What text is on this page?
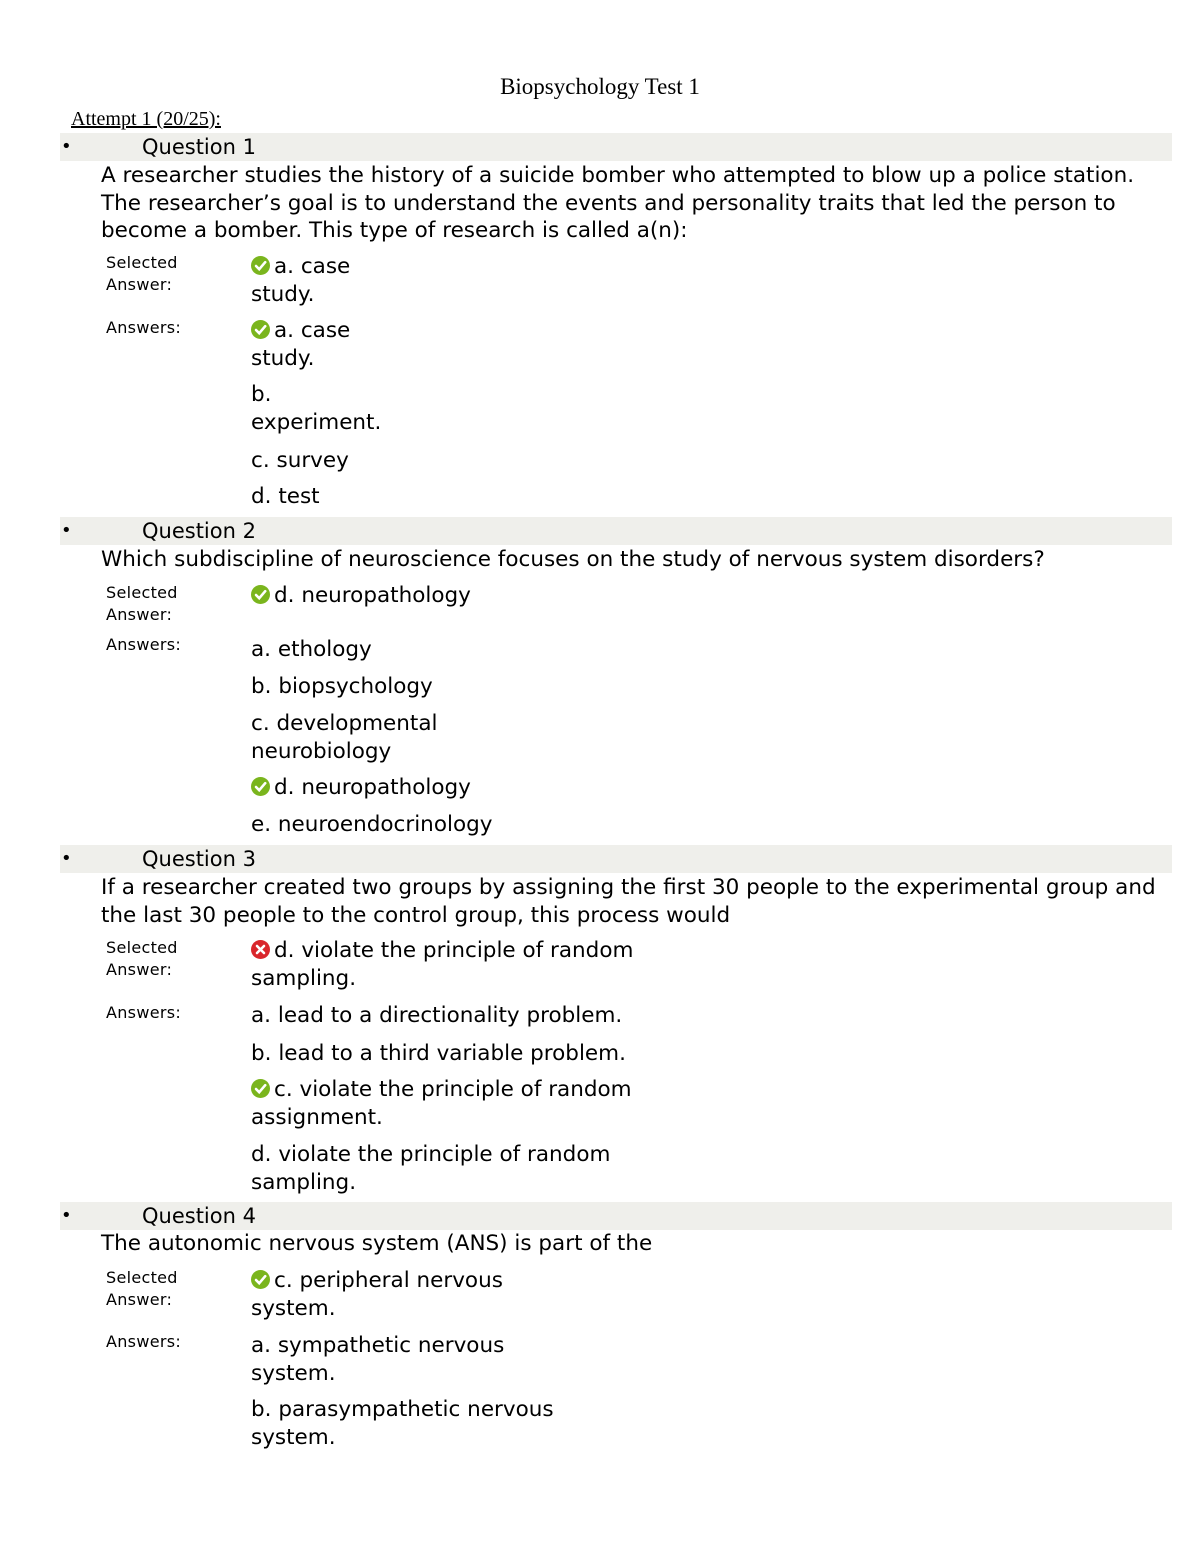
Biopsychology Test 1
Attempt 1 (20/25):
•	Question 1
A researcher studies the history of a suicide bomber who attempted to blow up a police station. The researcher’s goal is to understand the events and personality traits that led the person to become a bomber. This type of research is called a(n):
Selected
Answer:
a. case
study.
Answers:	a. case
study.
b.
experiment.
c. survey
d. test
•	Question 2
Which subdiscipline of neuroscience focuses on the study of nervous system disorders?
Selected
Answer:
d. neuropathology
Answers:	a. ethology
b. biopsychology
c. developmental
neurobiology
d. neuropathology
e. neuroendocrinology
•	Question 3
If a researcher created two groups by assigning the first 30 people to the experimental group and the last 30 people to the control group, this process would
Selected
Answer:
d. violate the principle of random
sampling.
Answers:	a. lead to a directionality problem.
b. lead to a third variable problem.
c. violate the principle of random
assignment.
d. violate the principle of random
sampling.
•	Question 4
The autonomic nervous system (ANS) is part of the
Selected
Answer:
c. peripheral nervous
system.
Answers:	a. sympathetic nervous
system.
b. parasympathetic nervous
system.
